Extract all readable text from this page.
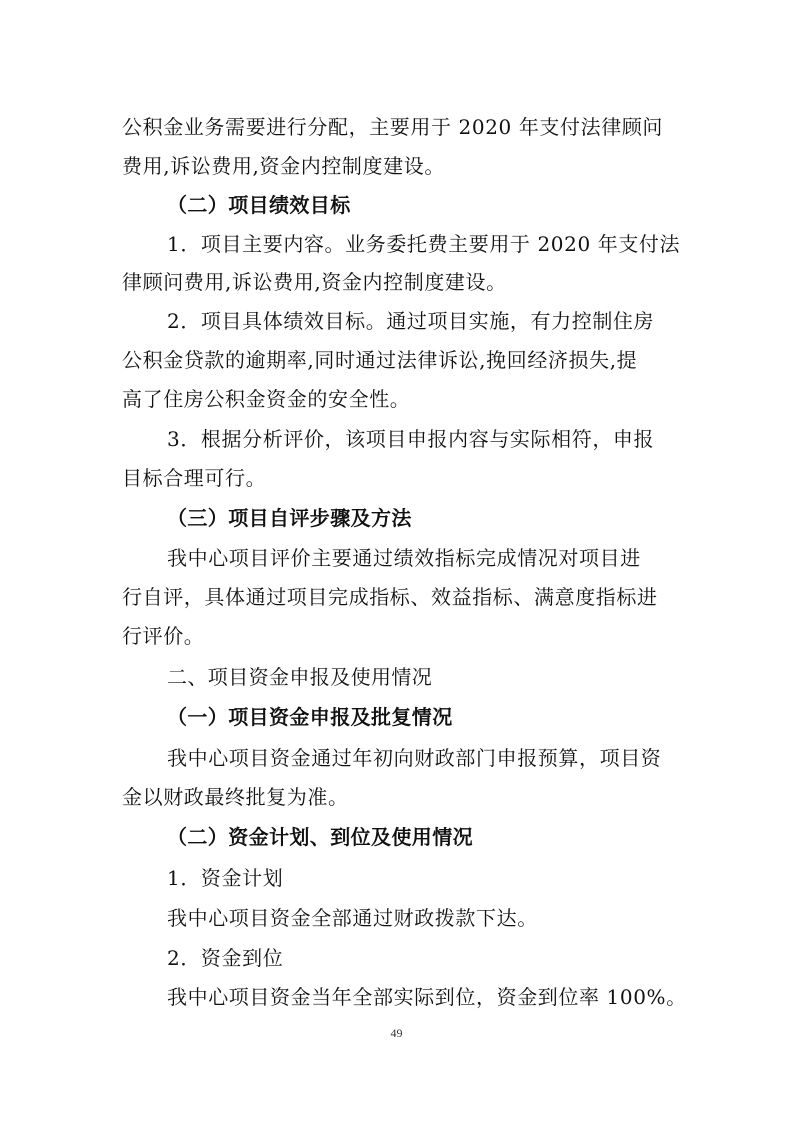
公积金业务需要进行分配，主要用于 2020 年支付法律顾问
费用,诉讼费用,资金内控制度建设。
（二）项目绩效目标
1．项目主要内容。业务委托费主要用于 2020 年支付法
律顾问费用,诉讼费用,资金内控制度建设。
2．项目具体绩效目标。通过项目实施，有力控制住房
公积金贷款的逾期率,同时通过法律诉讼,挽回经济损失,提
高了住房公积金资金的安全性。
3．根据分析评价，该项目申报内容与实际相符，申报
目标合理可行。
（三）项目自评步骤及方法
我中心项目评价主要通过绩效指标完成情况对项目进
行自评，具体通过项目完成指标、效益指标、满意度指标进
行评价。
二、项目资金申报及使用情况
（一）项目资金申报及批复情况
我中心项目资金通过年初向财政部门申报预算，项目资
金以财政最终批复为准。
（二）资金计划、到位及使用情况
1．资金计划
我中心项目资金全部通过财政拨款下达。
2．资金到位
我中心项目资金当年全部实际到位，资金到位率 100%。
49
